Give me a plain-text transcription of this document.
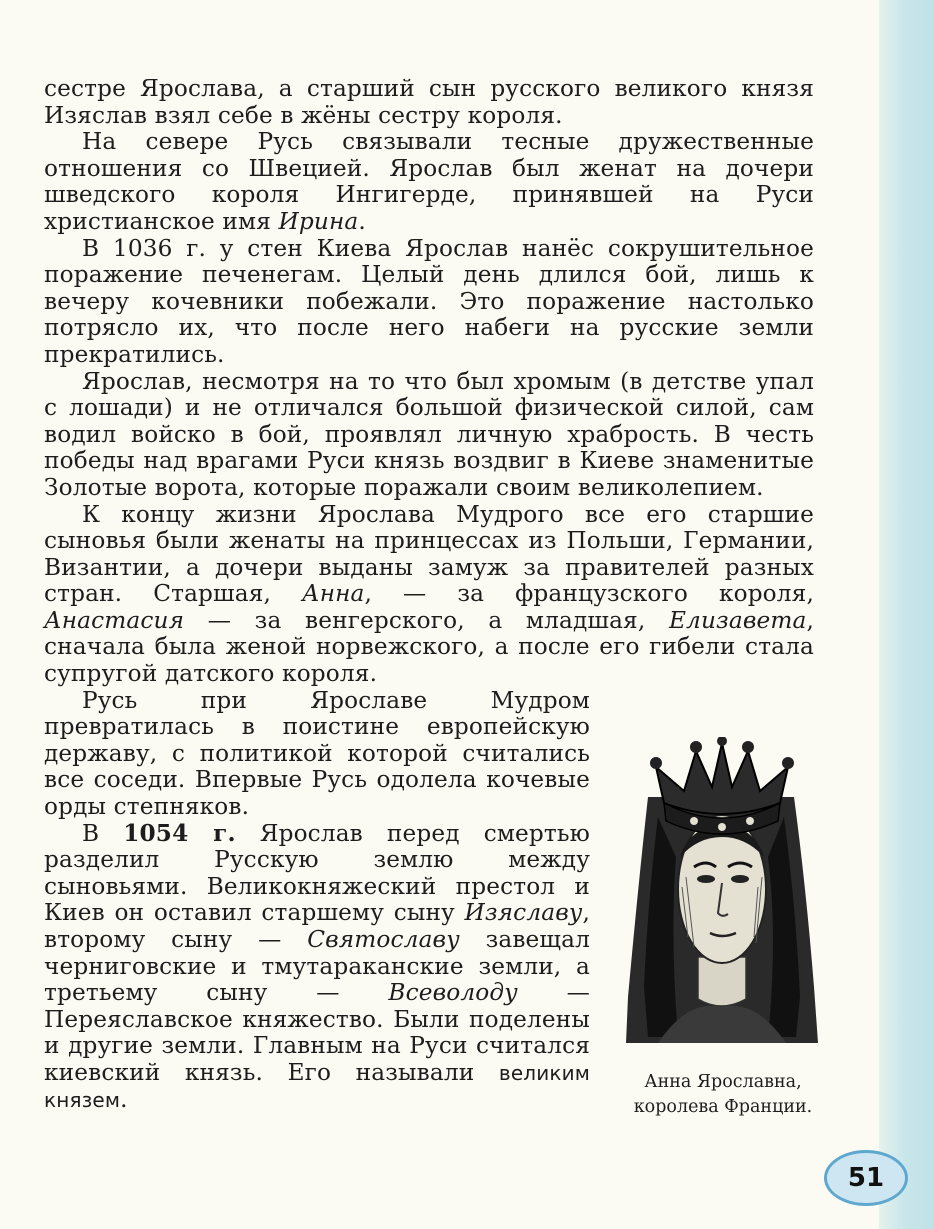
сестре Ярослава, а старший сын русского великого князя Изяслав взял себе в жёны сестру короля.

На севере Русь связывали тесные дружественные отношения со Швецией. Ярослав был женат на дочери шведского короля Ингигерде, принявшей на Руси христианское имя Ирина.

В 1036 г. у стен Киева Ярослав нанёс сокрушительное поражение печенегам. Целый день длился бой, лишь к вечеру кочевники побежали. Это поражение настолько потрясло их, что после него набеги на русские земли прекратились.

Ярослав, несмотря на то что был хромым (в детстве упал с лошади) и не отличался большой физической силой, сам водил войско в бой, проявлял личную храбрость. В честь победы над врагами Руси князь воздвиг в Киеве знаменитые Золотые ворота, которые поражали своим великолепием.

К концу жизни Ярослава Мудрого все его старшие сыновья были женаты на принцессах из Польши, Германии, Византии, а дочери выданы замуж за правителей разных стран. Старшая, Анна, — за французского короля, Анастасия — за венгерского, а младшая, Елизавета, сначала была женой норвежского, а после его гибели стала супругой датского короля.

Русь при Ярославе Мудром превратилась в поистине европейскую державу, с политикой которой считались все соседи. Впервые Русь одолела кочевые орды степняков.

В 1054 г. Ярослав перед смертью разделил Русскую землю между сыновьями. Великокняжеский престол и Киев он оставил старшему сыну Изяславу, второму сыну — Святославу завещал черниговские и тмутараканские земли, а третьему сыну — Всеволоду — Переяславское княжество. Были поделены и другие земли. Главным на Руси считался киевский князь. Его называли великим князем.

Анна Ярославна,
королева Франции.
51
